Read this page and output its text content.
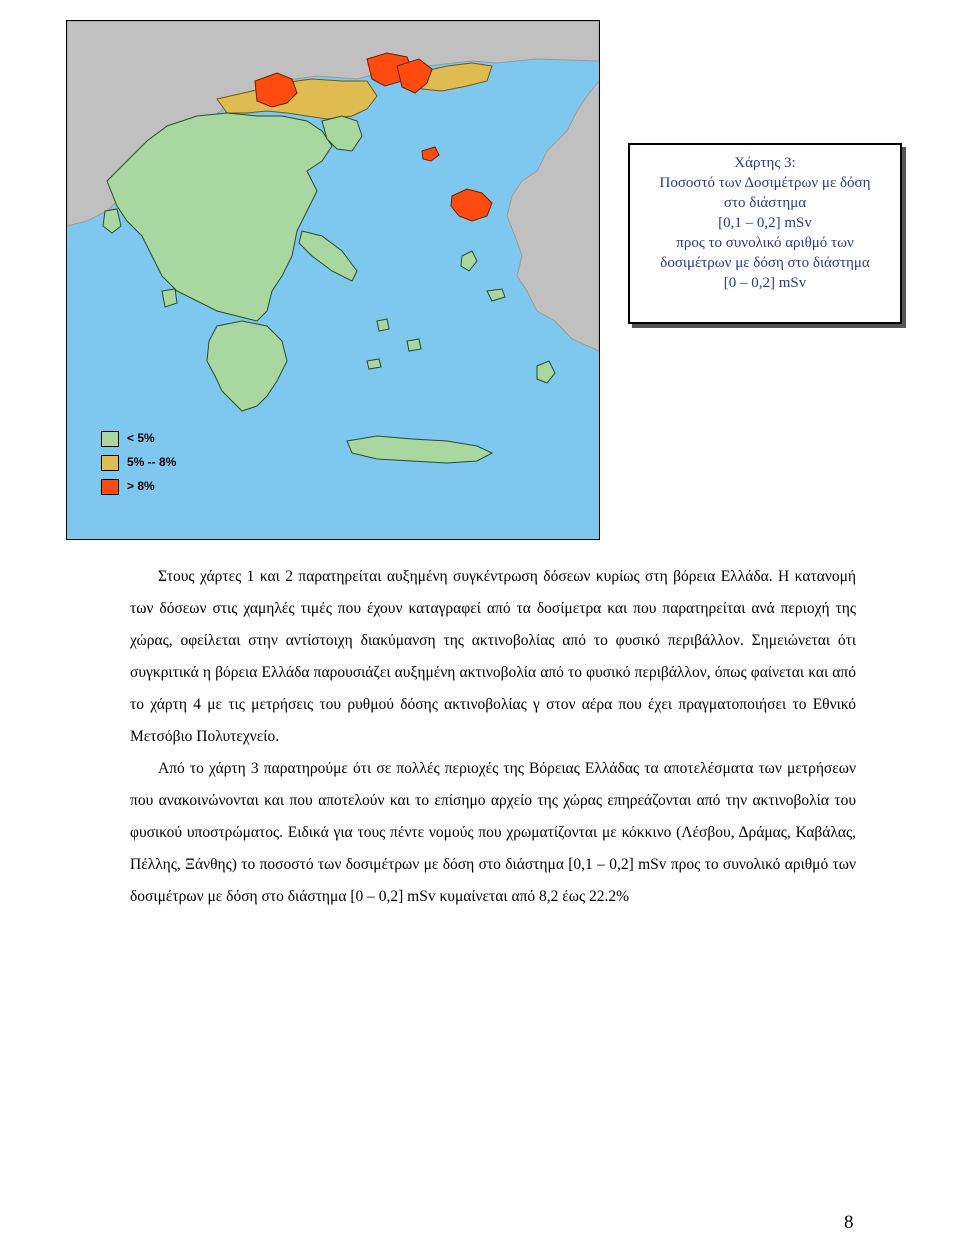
< 5%
5% -- 8%
> 8%
Χάρτης 3:
Ποσοστό των Δοσιμέτρων με δόση
στο διάστημα
[0,1 – 0,2] mSv
προς το συνολικό αριθμό των
δοσιμέτρων με δόση στο διάστημα
[0 – 0,2] mSv

Στους χάρτες 1 και 2 παρατηρείται αυξημένη συγκέντρωση δόσεων κυρίως στη βόρεια Ελλάδα. Η κατανομή των δόσεων στις χαμηλές τιμές που έχουν καταγραφεί από τα δοσίμετρα και που παρατηρείται ανά περιοχή της χώρας, οφείλεται στην αντίστοιχη διακύμανση της ακτινοβολίας από το φυσικό περιβάλλον. Σημειώνεται ότι συγκριτικά η βόρεια Ελλάδα παρουσιάζει αυξημένη ακτινοβολία από το φυσικό περιβάλλον, όπως φαίνεται και από το χάρτη 4 με τις μετρήσεις του ρυθμού δόσης ακτινοβολίας γ στον αέρα που έχει πραγματοποιήσει το Εθνικό Μετσόβιο Πολυτεχνείο.

Από το χάρτη 3 παρατηρούμε ότι σε πολλές περιοχές της Βόρειας Ελλάδας τα αποτελέσματα των μετρήσεων που ανακοινώνονται και που αποτελούν και το επίσημο αρχείο της χώρας επηρεάζονται από την ακτινοβολία του φυσικού υποστρώματος. Ειδικά για τους πέντε νομούς που χρωματίζονται με κόκκινο (Λέσβου, Δράμας, Καβάλας, Πέλλης, Ξάνθης) το ποσοστό των δοσιμέτρων με δόση στο διάστημα [0,1 – 0,2] mSv προς το συνολικό αριθμό των δοσιμέτρων με δόση στο διάστημα [0 – 0,2] mSv κυμαίνεται από 8,2 έως 22.2%

8
